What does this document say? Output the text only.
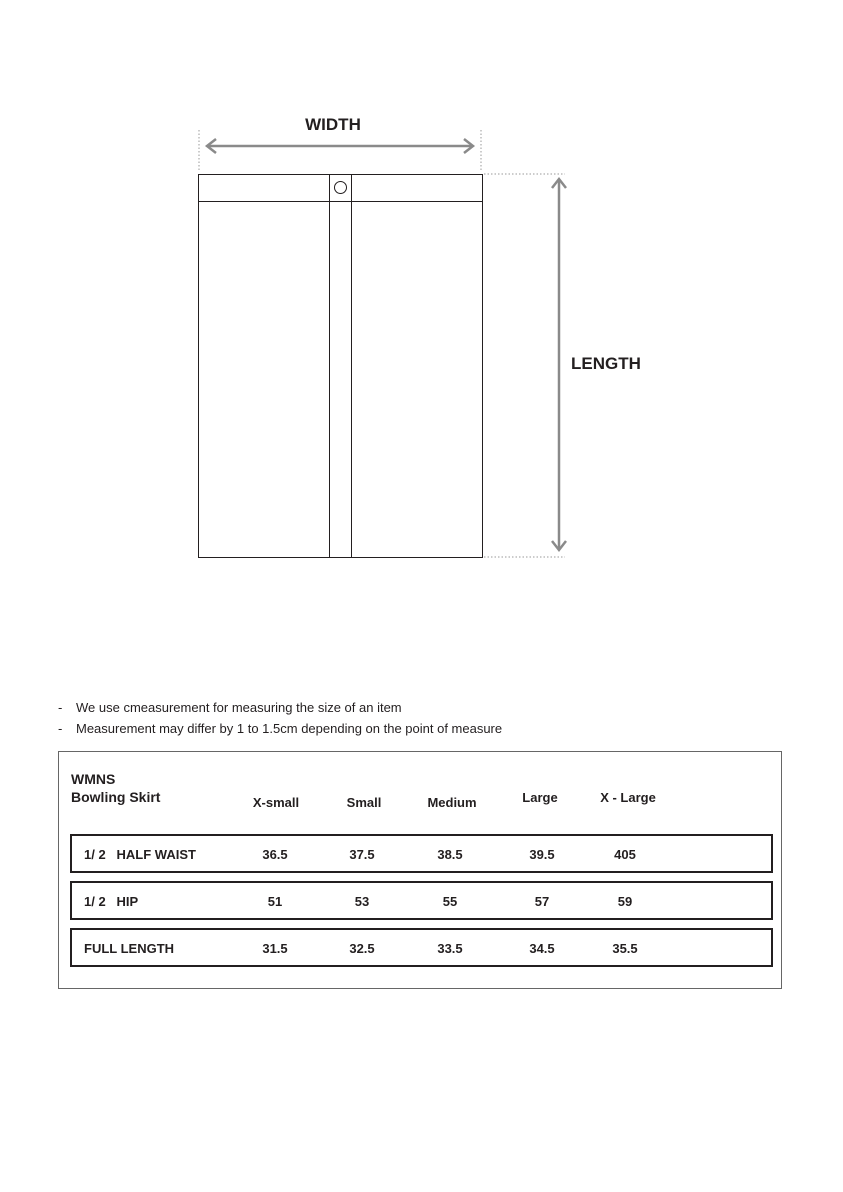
WIDTH
LENGTH
- We use cmeasurement for measuring the size of an item
- Measurement may differ by 1 to 1.5cm depending on the point of measure
WMNS
Bowling Skirt	X-small	Small	Medium	Large	X - Large
1/ 2   HALF WAIST	36.5	37.5	38.5	39.5	405
1/ 2   HIP	51	53	55	57	59
FULL LENGTH	31.5	32.5	33.5	34.5	35.5
